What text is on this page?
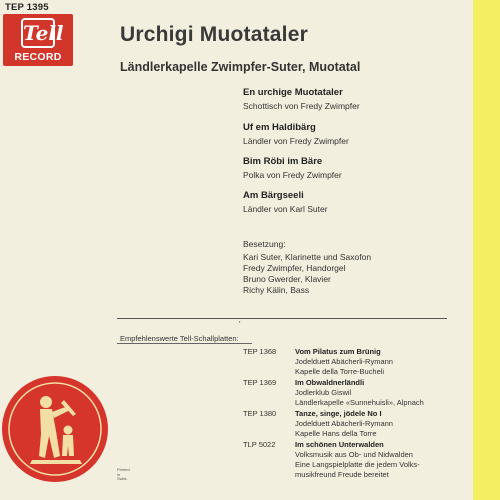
TEP 1395
Tell
RECORD
Urchigi Muotataler
Ländlerkapelle Zwimpfer-Suter, Muotatal
En urchige Muotataler
Schottisch von Fredy Zwimpfer
Uf em Haldibärg
Ländler von Fredy Zwimpfer
Bim Röbi im Bäre
Polka von Fredy Zwimpfer
Am Bärgseeli
Ländler von Karl Suter
Besetzung:
Kari Suter, Klarinette und Saxofon
Fredy Zwimpfer, Handorgel
Bruno Gwerder, Klavier
Richy Kälin, Bass
'
Empfehlenswerte Tell-Schallplatten:
TEP 1368	Vom Pilatus zum Brünig
Jodelduett Abächerli-Rymann
Kapelle della Torre-Bucheli
TEP 1369	Im Obwaldnerländli
Jodlerklub Giswil
Ländlerkapelle «Sunnehuisli», Alpnach
TEP 1380	Tanze, singe, jödele No I
Jodelduett Abächerli-Rymann
Kapelle Hans della Torre
TLP 5022	Im schönen Unterwalden
Volksmusik aus Ob- und Nidwalden
Eine Langspielplatte die jedem Volks-
musikfreund Freude bereitet
Printed
in
Switz.
